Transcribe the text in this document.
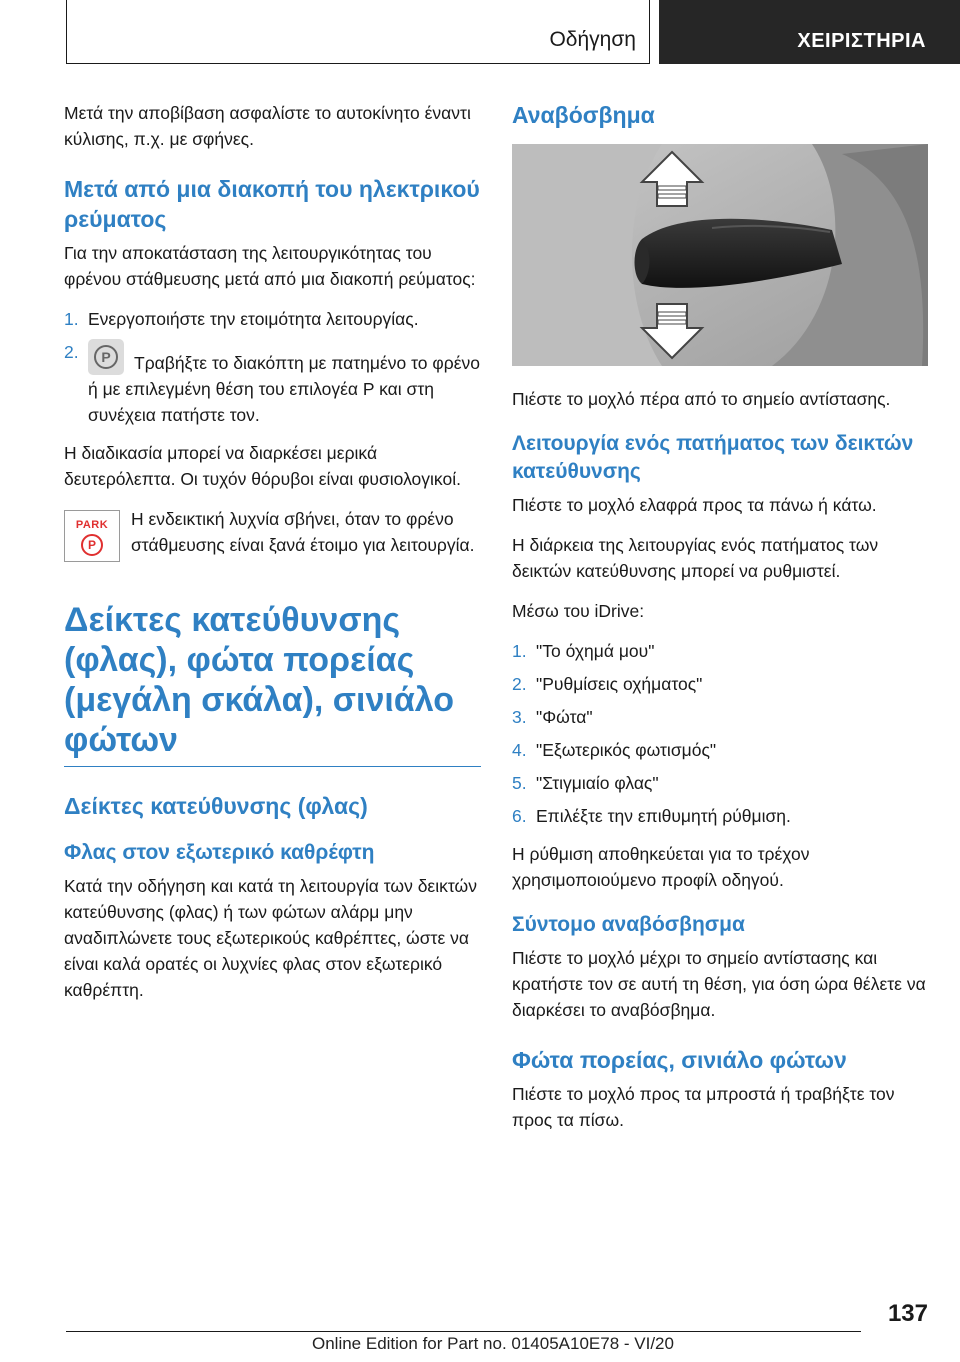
Οδήγηση	ΧΕΙΡΙΣΤΗΡΙΑ

Μετά την αποβίβαση ασφαλίστε το αυτοκίνητο έναντι κύλισης, π.χ. με σφήνες.

Μετά από μια διακοπή του ηλεκτρικού ρεύματος

Για την αποκατάσταση της λειτουργικότητας του φρένου στάθμευσης μετά από μια διακοπή ρεύματος:

1. Ενεργοποιήστε την ετοιμότητα λειτουργίας.
2.	P	Τραβήξτε το διακόπτη με πατημένο το φρένο ή με επιλεγμένη θέση του επιλογέα P και στη συνέχεια πατήστε τον.

Η διαδικασία μπορεί να διαρκέσει μερικά δευτερόλεπτα. Οι τυχόν θόρυβοι είναι φυσιολογικοί.

PARK
P

Η ενδεικτική λυχνία σβήνει, όταν το φρένο στάθμευσης είναι ξανά έτοιμο για λειτουργία.

Δείκτες κατεύθυνσης (φλας), φώτα πορείας (μεγάλη σκάλα), σινιάλο φώτων
Δείκτες κατεύθυνσης (φλας)
Φλας στον εξωτερικό καθρέφτη

Κατά την οδήγηση και κατά τη λειτουργία των δεικτών κατεύθυνσης (φλας) ή των φώτων αλάρμ μην αναδιπλώνετε τους εξωτερικούς καθρέπτες, ώστε να είναι καλά ορατές οι λυχνίες φλας στον εξωτερικό καθρέπτη.

Αναβόσβημα

Πιέστε το μοχλό πέρα από το σημείο αντίστασης.

Λειτουργία ενός πατήματος των δεικτών κατεύθυνσης

Πιέστε το μοχλό ελαφρά προς τα πάνω ή κάτω.

Η διάρκεια της λειτουργίας ενός πατήματος των δεικτών κατεύθυνσης μπορεί να ρυθμιστεί.

Μέσω του iDrive:

1. "Το όχημά μου"
2. "Ρυθμίσεις οχήματος"
3. "Φώτα"
4. "Εξωτερικός φωτισμός"
5. "Στιγμιαίο φλας"
6. Επιλέξτε την επιθυμητή ρύθμιση.

Η ρύθμιση αποθηκεύεται για το τρέχον χρησιμοποιούμενο προφίλ οδηγού.

Σύντομο αναβόσβησμα

Πιέστε το μοχλό μέχρι το σημείο αντίστασης και κρατήστε τον σε αυτή τη θέση, για όση ώρα θέλετε να διαρκέσει το αναβόσβημα.

Φώτα πορείας, σινιάλο φώτων

Πιέστε το μοχλό προς τα μπροστά ή τραβήξτε τον προς τα πίσω.

137
Online Edition for Part no. 01405A10E78 - VI/20
